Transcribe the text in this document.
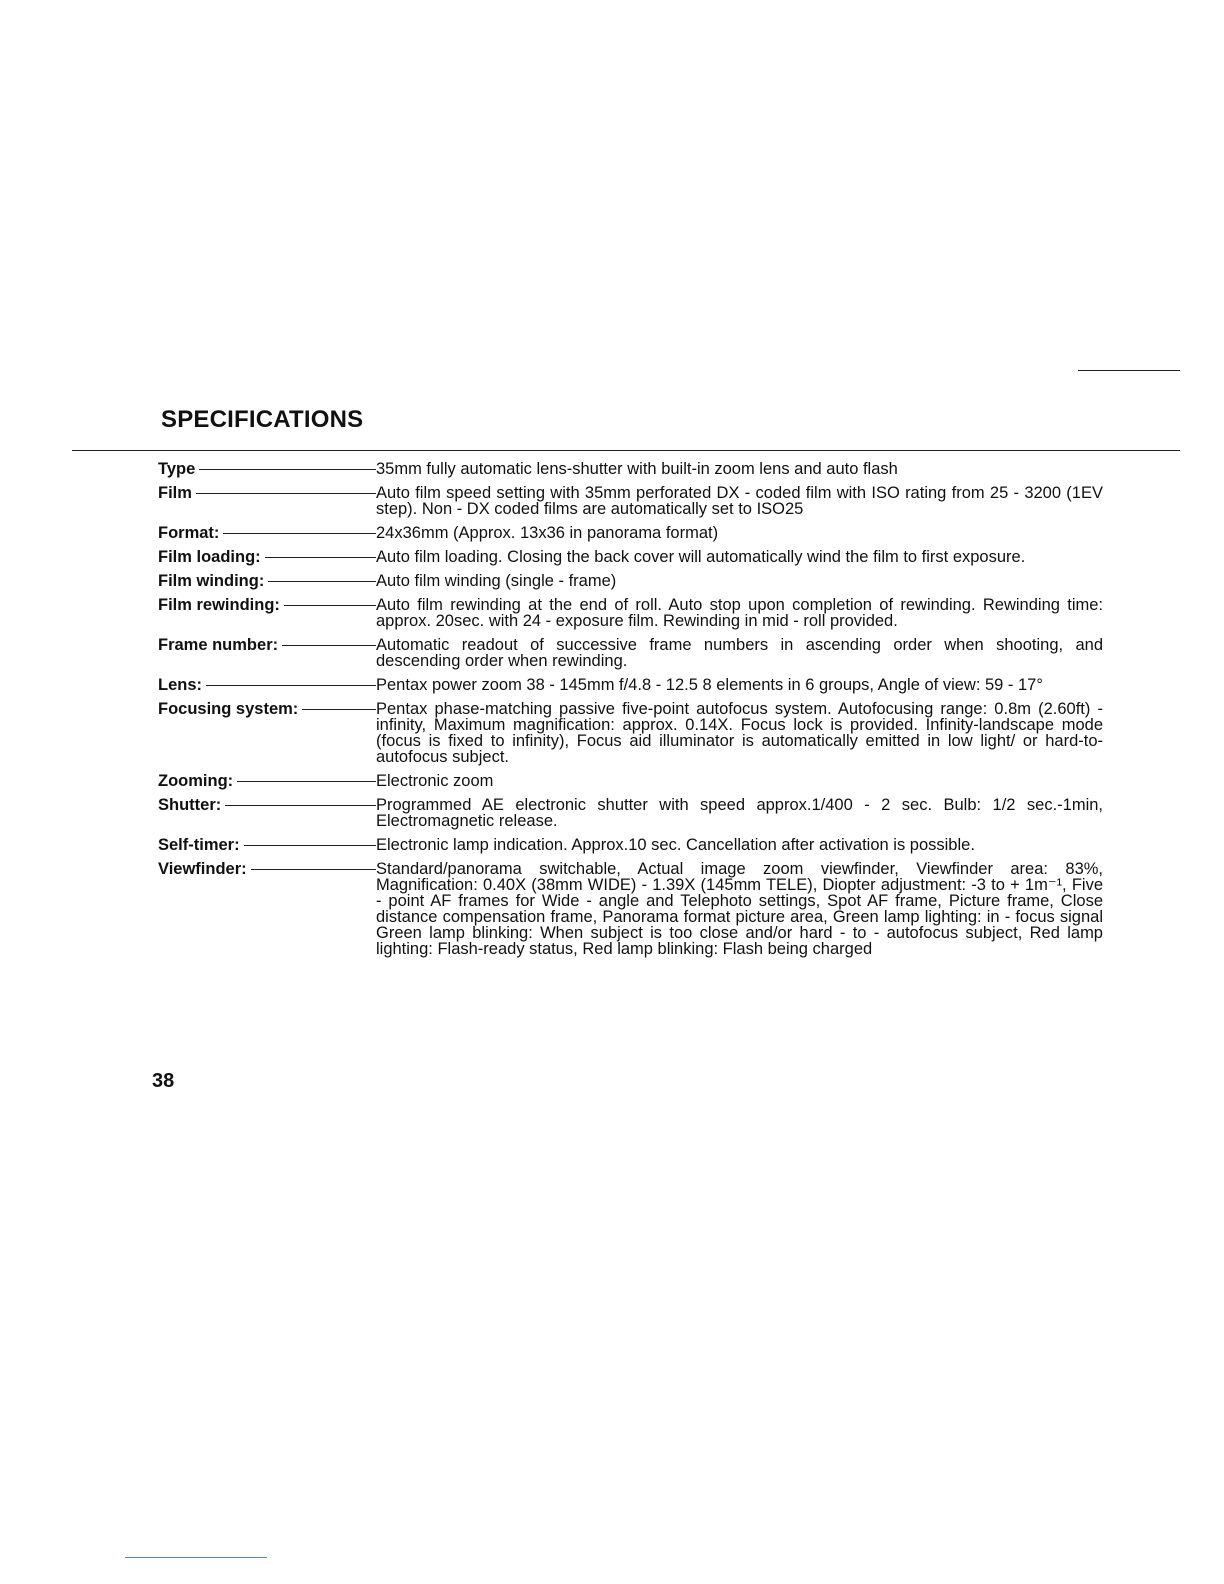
SPECIFICATIONS
Type	35mm fully automatic lens-shutter with built-in zoom lens and auto flash
Film	Auto film speed setting with 35mm perforated DX - coded film with ISO rating from 25 - 3200 (1EV step). Non - DX coded films are automatically set to ISO25
Format:	24x36mm (Approx. 13x36 in panorama format)
Film loading:	Auto film loading. Closing the back cover will automatically wind the film to first exposure.
Film winding:	Auto film winding (single - frame)
Film rewinding:	Auto film rewinding at the end of roll. Auto stop upon completion of rewinding. Rewinding time: approx. 20sec. with 24 - exposure film. Rewinding in mid - roll provided.
Frame number:	Automatic readout of successive frame numbers in ascending order when shooting, and descending order when rewinding.
Lens:	Pentax power zoom 38 - 145mm f/4.8 - 12.5 8 elements in 6 groups, Angle of view: 59 - 17°
Focusing system:	Pentax phase-matching passive five-point autofocus system. Autofocusing range: 0.8m (2.60ft) - infinity, Maximum magnification: approx. 0.14X. Focus lock is provided. Infinity-landscape mode (focus is fixed to infinity), Focus aid illuminator is automatically emitted in low light/ or hard-to-autofocus subject.
Zooming:	Electronic zoom
Shutter:	Programmed AE electronic shutter with speed approx.1/400 - 2 sec. Bulb: 1/2 sec.-1min, Electromagnetic release.
Self-timer:	Electronic lamp indication. Approx.10 sec. Cancellation after activation is possible.
Viewfinder:	Standard/panorama switchable, Actual image zoom viewfinder, Viewfinder area: 83%, Magnification: 0.40X (38mm WIDE) - 1.39X (145mm TELE), Diopter adjustment: -3 to + 1m⁻¹, Five - point AF frames for Wide - angle and Telephoto settings, Spot AF frame, Picture frame, Close distance compensation frame, Panorama format picture area, Green lamp lighting: in - focus signal Green lamp blinking: When subject is too close and/or hard - to - autofocus subject, Red lamp lighting: Flash-ready status, Red lamp blinking: Flash being charged
38
